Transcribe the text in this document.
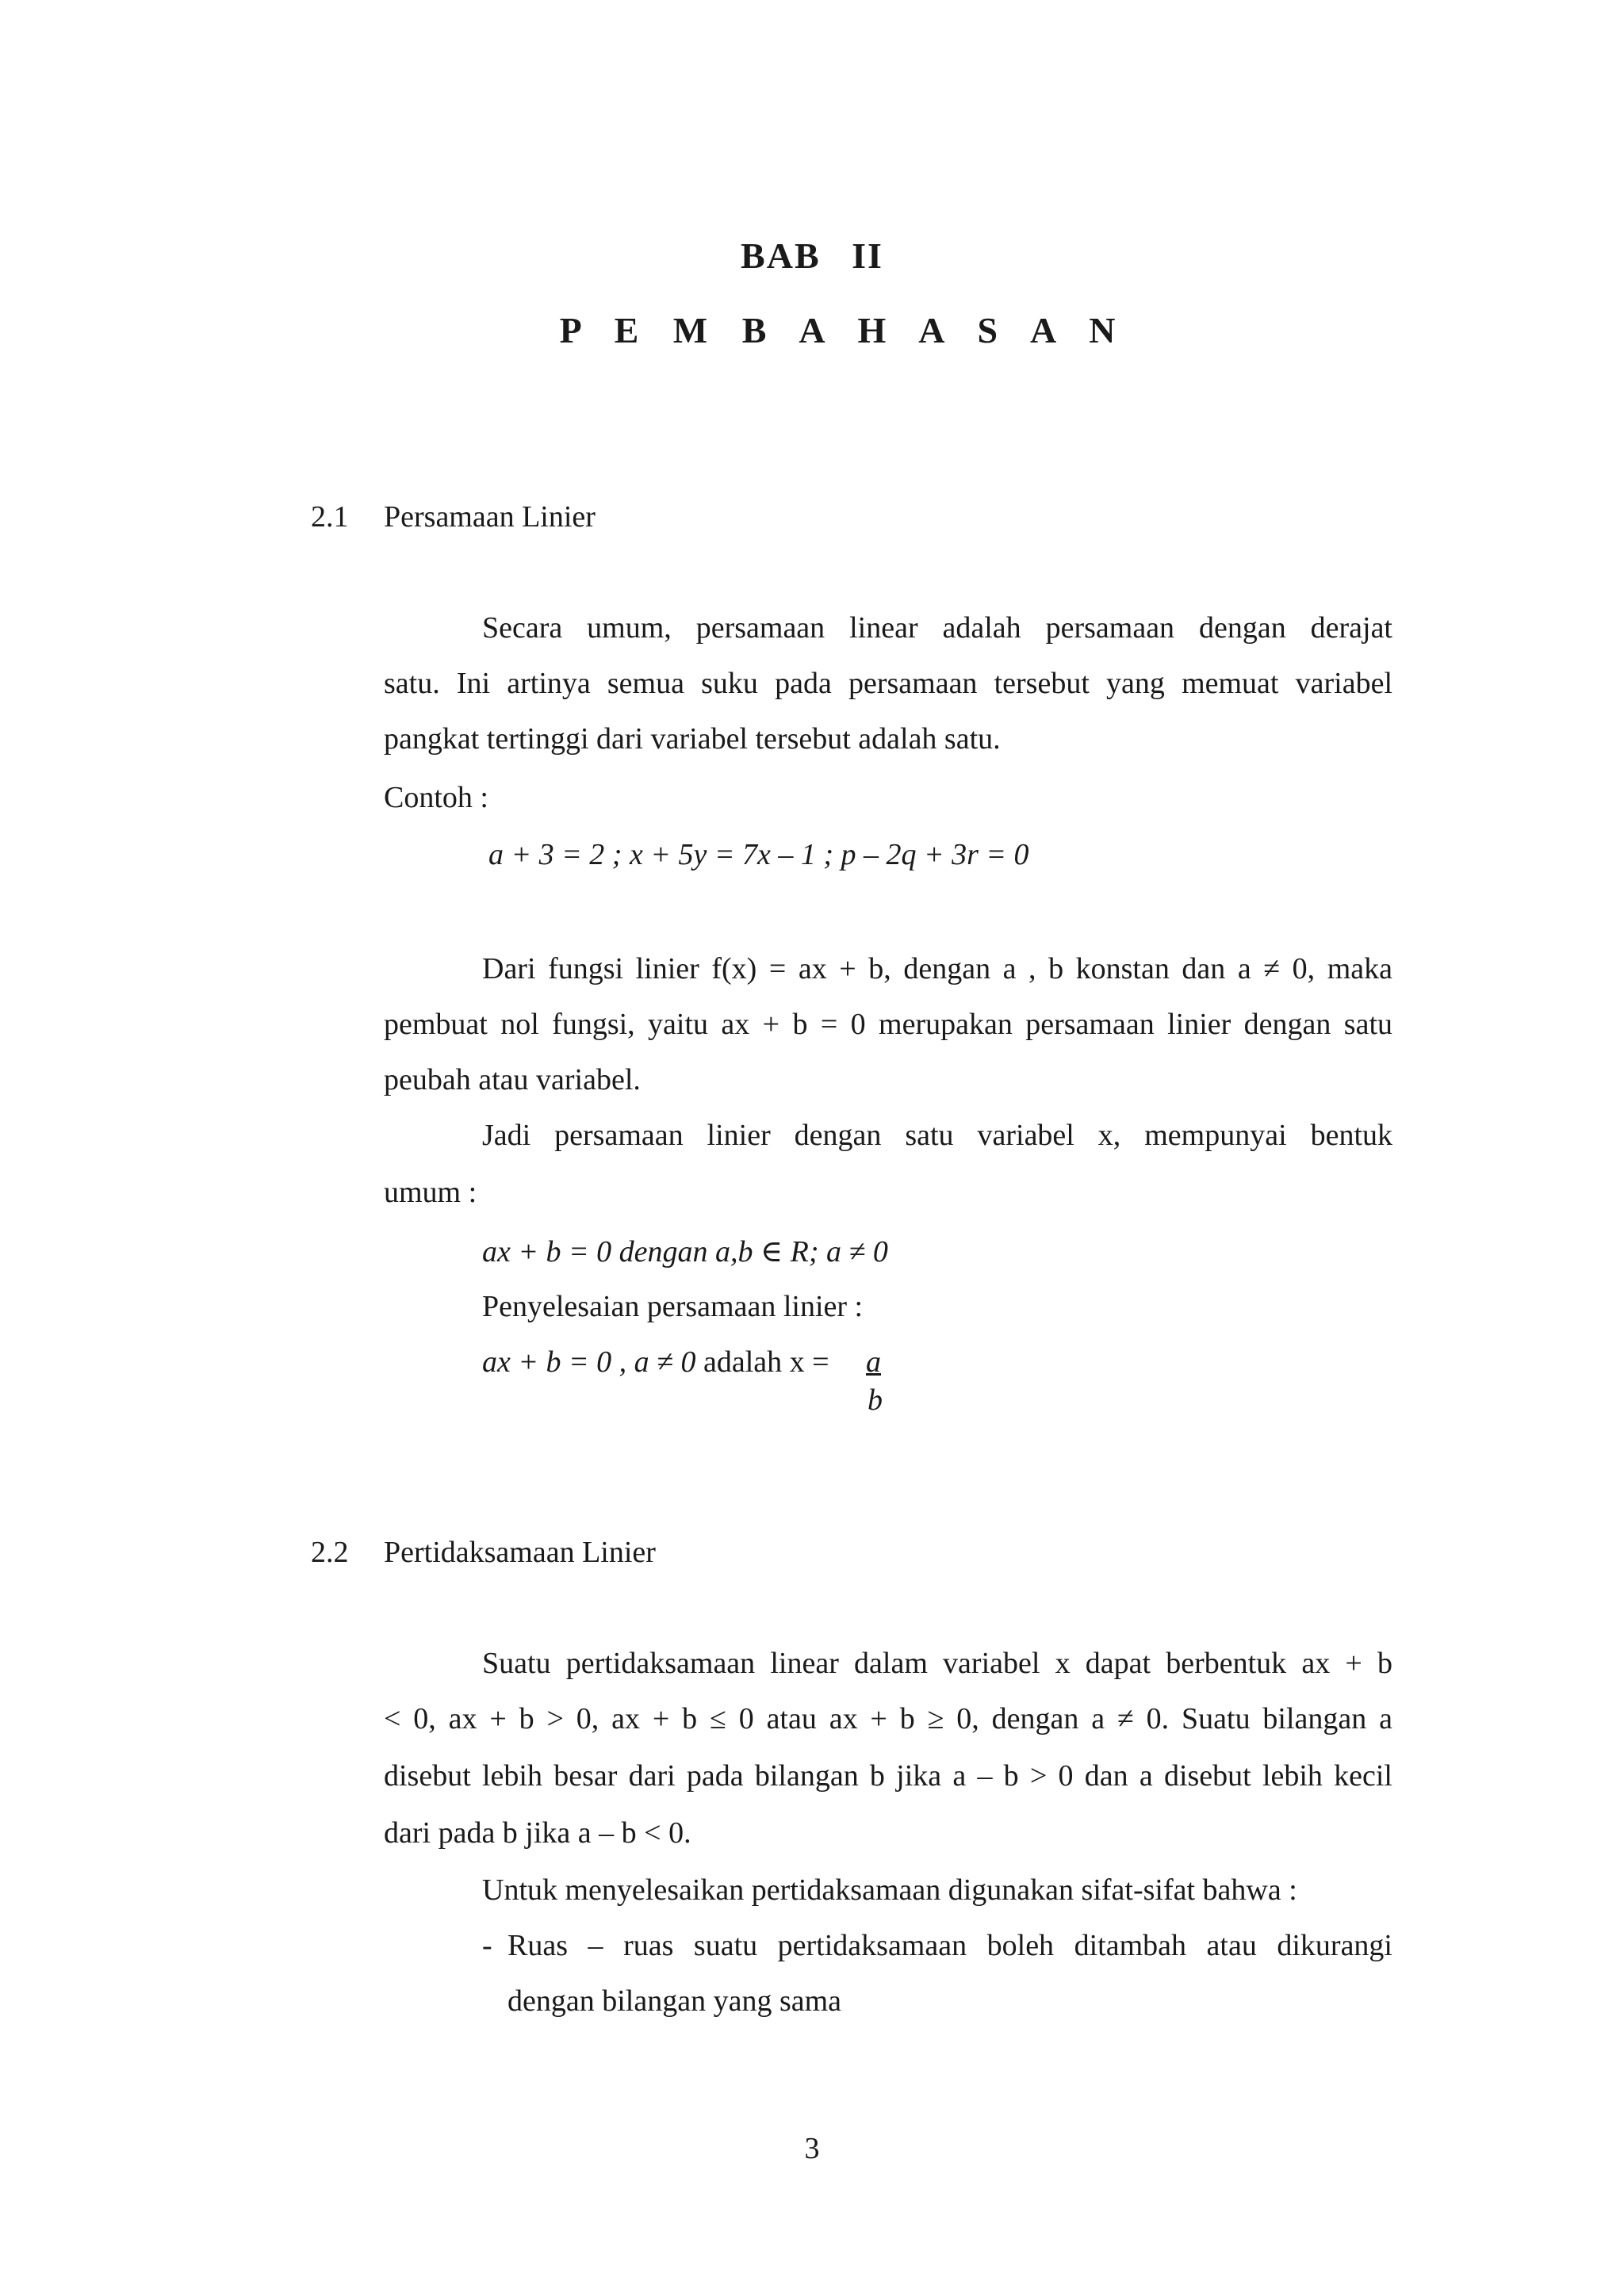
BAB II
P E M B A H A S A N
2.1 Persamaan Linier
Secara umum, persamaan linear adalah persamaan dengan derajat
satu. Ini artinya semua suku pada persamaan tersebut yang memuat variabel
pangkat tertinggi dari variabel tersebut adalah satu.
Contoh :
a + 3 = 2 ; x + 5y = 7x – 1 ; p – 2q + 3r = 0
Dari fungsi linier f(x) = ax + b, dengan a , b konstan dan a ≠ 0, maka
pembuat nol fungsi, yaitu ax + b = 0 merupakan persamaan linier dengan satu
peubah atau variabel.
Jadi persamaan linier dengan satu variabel x, mempunyai bentuk
umum :
ax + b = 0 dengan a,b ∈ R; a ≠ 0
Penyelesaian persamaan linier :
ax + b = 0 , a ≠ 0 adalah x = a
b
2.2 Pertidaksamaan Linier
Suatu pertidaksamaan linear dalam variabel x dapat berbentuk ax + b
< 0, ax + b > 0, ax + b ≤ 0 atau ax + b ≥ 0, dengan a ≠ 0. Suatu bilangan a
disebut lebih besar dari pada bilangan b jika a – b > 0 dan a disebut lebih kecil
dari pada b jika a – b < 0.
Untuk menyelesaikan pertidaksamaan digunakan sifat-sifat bahwa :
- Ruas – ruas suatu pertidaksamaan boleh ditambah atau dikurangi
dengan bilangan yang sama
3
